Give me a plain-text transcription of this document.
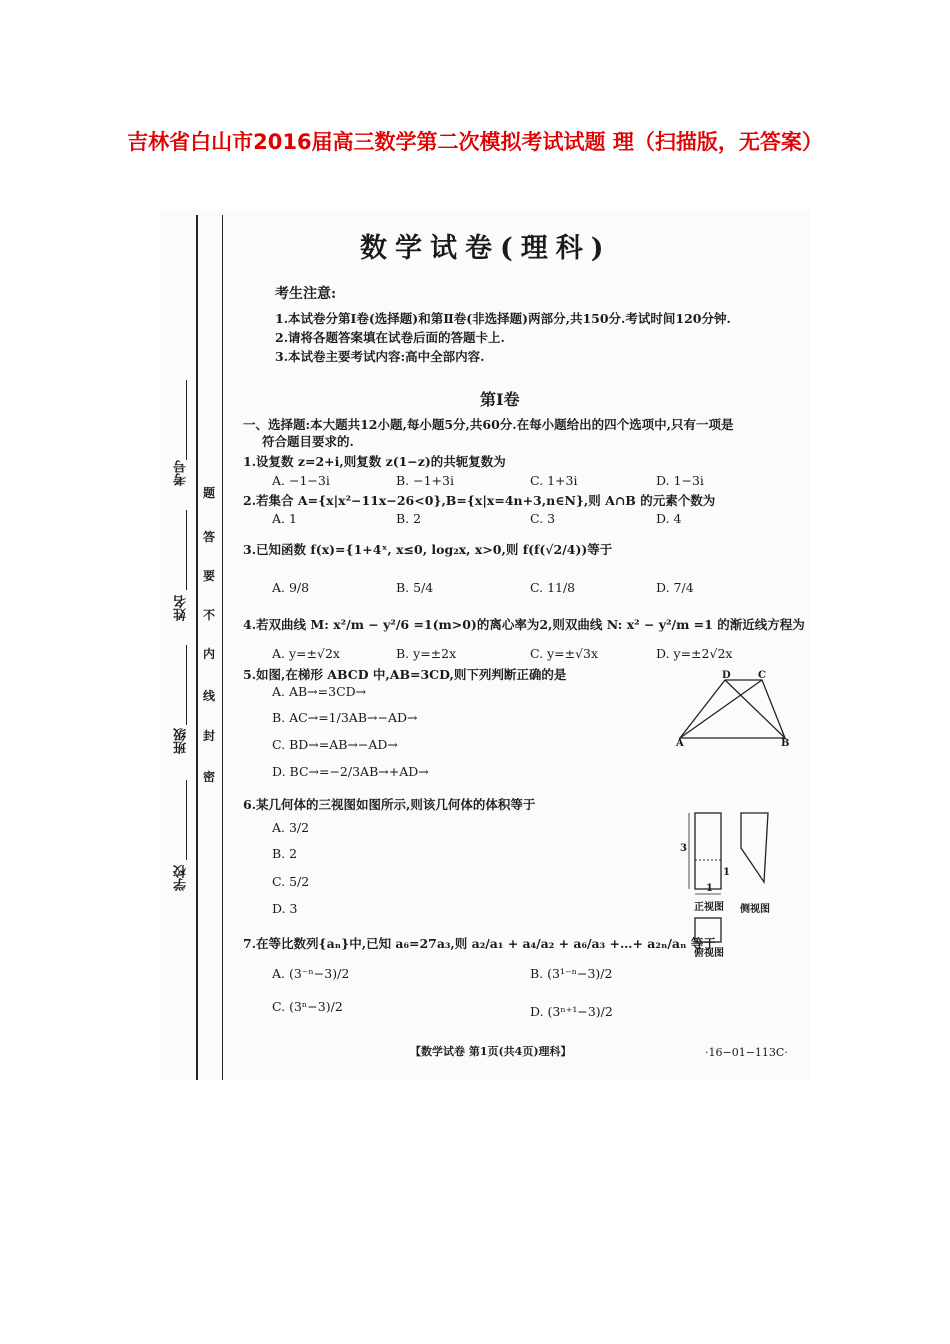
吉林省白山市2016届高三数学第二次模拟考试试题 理（扫描版，无答案）
考号
姓名
班级
学校
题
答
要
不
内
线
封
密
数学试卷(理科)
考生注意:
1.本试卷分第Ⅰ卷(选择题)和第Ⅱ卷(非选择题)两部分,共150分.考试时间120分钟.
2.请将各题答案填在试卷后面的答题卡上.
3.本试卷主要考试内容:高中全部内容.
第Ⅰ卷
一、选择题:本大题共12小题,每小题5分,共60分.在每小题给出的四个选项中,只有一项是
符合题目要求的.
1.设复数 z=2+i,则复数 z(1−z)的共轭复数为
A. −1−3i	B. −1+3i	C. 1+3i	D. 1−3i
2.若集合 A={x|x²−11x−26<0},B={x|x=4n+3,n∈N},则 A∩B 的元素个数为
A. 1	B. 2	C. 3	D. 4
3.已知函数 f(x)={1+4ˣ, x≤0, log₂x, x>0,则 f(f(√2/4))等于
A. 9/8	B. 5/4	C. 11/8	D. 7/4
4.若双曲线 M: x²/m − y²/6 =1(m>0)的离心率为2,则双曲线 N: x² − y²/m =1 的渐近线方程为
A. y=±√2x	B. y=±2x	C. y=±√3x	D. y=±2√2x
5.如图,在梯形 ABCD 中,AB=3CD,则下列判断正确的是
A. AB→=3CD→
B. AC→=1/3AB→−AD→
C. BD→=AB→−AD→
D. BC→=−2/3AB→+AD→
D	C
A	B
6.某几何体的三视图如图所示,则该几何体的体积等于
A. 3/2
B. 2
C. 5/2
D. 3
3
1
1
正视图 侧视图
俯视图
7.在等比数列{aₙ}中,已知 a₆=27a₃,则 a₂/a₁ + a₄/a₂ + a₆/a₃ +…+ a₂ₙ/aₙ 等于
A. (3⁻ⁿ−3)/2	B. (3¹⁻ⁿ−3)/2
C. (3ⁿ−3)/2	D. (3ⁿ⁺¹−3)/2
【数学试卷 第1页(共4页)理科】	·16−01−113C·
